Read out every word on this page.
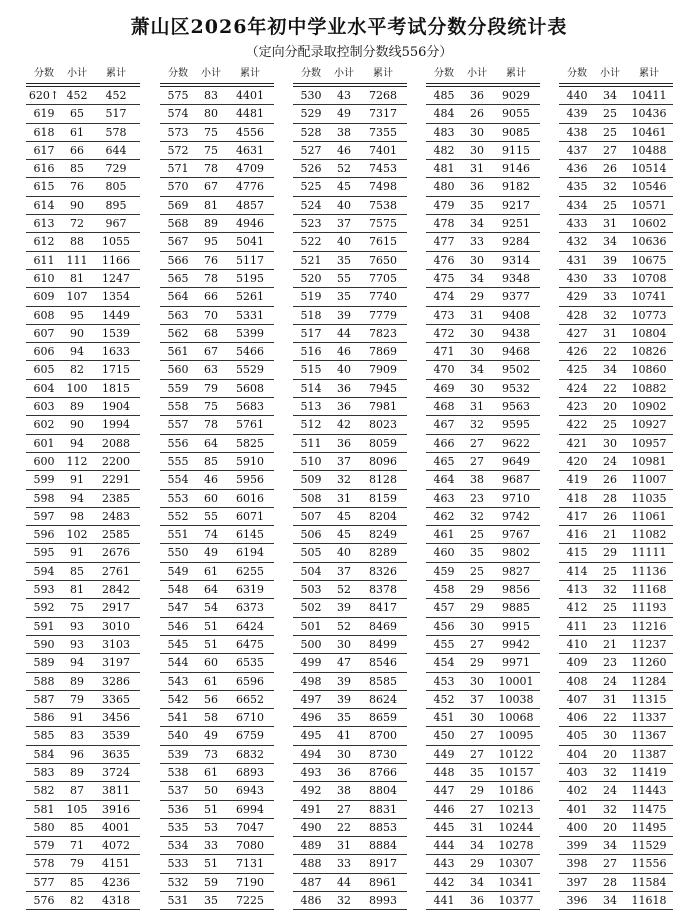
萧山区2026年初中学业水平考试分数分段统计表
（定向分配录取控制分数线556分）
分数	小计	累计
620↑ 452	452
619	65	517
618	61	578
617	66	644
616	85	729
615	76	805
614	90	895
613	72	967
612	88	1055
611	111	1166
610	81	1247
609	107	1354
608	95	1449
607	90	1539
606	94	1633
605	82	1715
604	100	1815
603	89	1904
602	90	1994
601	94	2088
600	112	2200
599	91	2291
598	94	2385
597	98	2483
596	102	2585
595	91	2676
594	85	2761
593	81	2842
592	75	2917
591	93	3010
590	93	3103
589	94	3197
588	89	3286
587	79	3365
586	91	3456
585	83	3539
584	96	3635
583	89	3724
582	87	3811
581	105	3916
580	85	4001
579	71	4072
578	79	4151
577	85	4236
576	82	4318
分数	小计	累计
575	83	4401
574	80	4481
573	75	4556
572	75	4631
571	78	4709
570	67	4776
569	81	4857
568	89	4946
567	95	5041
566	76	5117
565	78	5195
564	66	5261
563	70	5331
562	68	5399
561	67	5466
560	63	5529
559	79	5608
558	75	5683
557	78	5761
556	64	5825
555	85	5910
554	46	5956
553	60	6016
552	55	6071
551	74	6145
550	49	6194
549	61	6255
548	64	6319
547	54	6373
546	51	6424
545	51	6475
544	60	6535
543	61	6596
542	56	6652
541	58	6710
540	49	6759
539	73	6832
538	61	6893
537	50	6943
536	51	6994
535	53	7047
534	33	7080
533	51	7131
532	59	7190
531	35	7225
分数	小计	累计
530	43	7268
529	49	7317
528	38	7355
527	46	7401
526	52	7453
525	45	7498
524	40	7538
523	37	7575
522	40	7615
521	35	7650
520	55	7705
519	35	7740
518	39	7779
517	44	7823
516	46	7869
515	40	7909
514	36	7945
513	36	7981
512	42	8023
511	36	8059
510	37	8096
509	32	8128
508	31	8159
507	45	8204
506	45	8249
505	40	8289
504	37	8326
503	52	8378
502	39	8417
501	52	8469
500	30	8499
499	47	8546
498	39	8585
497	39	8624
496	35	8659
495	41	8700
494	30	8730
493	36	8766
492	38	8804
491	27	8831
490	22	8853
489	31	8884
488	33	8917
487	44	8961
486	32	8993
分数	小计	累计
485	36	9029
484	26	9055
483	30	9085
482	30	9115
481	31	9146
480	36	9182
479	35	9217
478	34	9251
477	33	9284
476	30	9314
475	34	9348
474	29	9377
473	31	9408
472	30	9438
471	30	9468
470	34	9502
469	30	9532
468	31	9563
467	32	9595
466	27	9622
465	27	9649
464	38	9687
463	23	9710
462	32	9742
461	25	9767
460	35	9802
459	25	9827
458	29	9856
457	29	9885
456	30	9915
455	27	9942
454	29	9971
453	30	10001
452	37	10038
451	30	10068
450	27	10095
449	27	10122
448	35	10157
447	29	10186
446	27	10213
445	31	10244
444	34	10278
443	29	10307
442	34	10341
441	36	10377
分数	小计	累计
440	34	10411
439	25	10436
438	25	10461
437	27	10488
436	26	10514
435	32	10546
434	25	10571
433	31	10602
432	34	10636
431	39	10675
430	33	10708
429	33	10741
428	32	10773
427	31	10804
426	22	10826
425	34	10860
424	22	10882
423	20	10902
422	25	10927
421	30	10957
420	24	10981
419	26	11007
418	28	11035
417	26	11061
416	21	11082
415	29	11111
414	25	11136
413	32	11168
412	25	11193
411	23	11216
410	21	11237
409	23	11260
408	24	11284
407	31	11315
406	22	11337
405	30	11367
404	20	11387
403	32	11419
402	24	11443
401	32	11475
400	20	11495
399	34	11529
398	27	11556
397	28	11584
396	34	11618
